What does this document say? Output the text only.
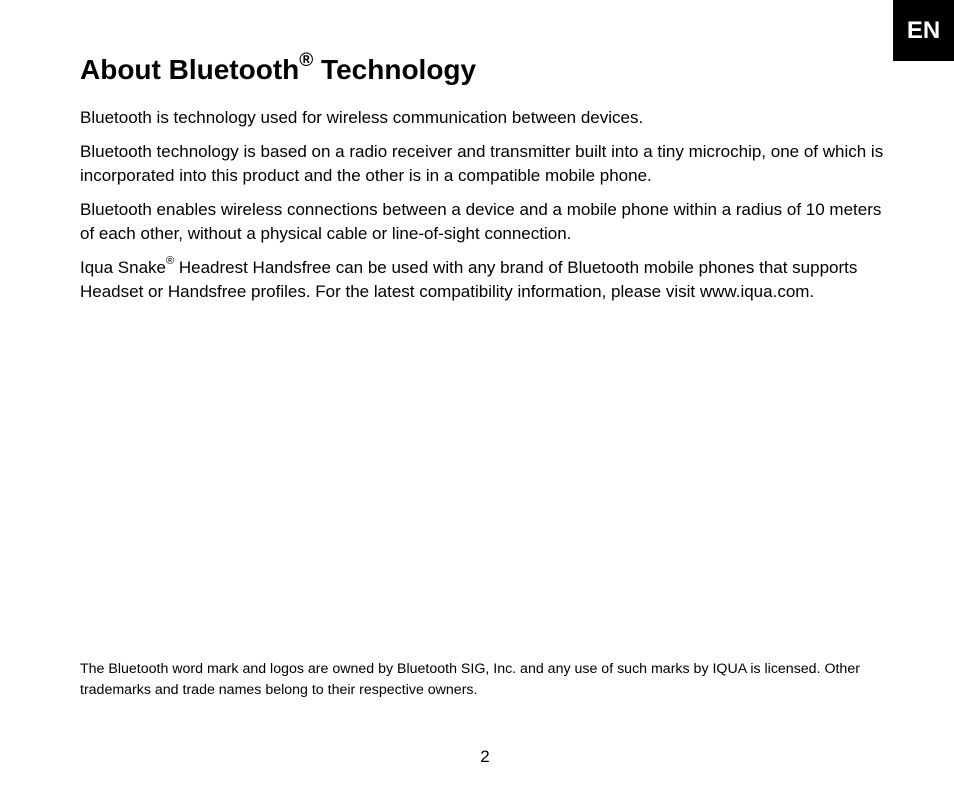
EN
About Bluetooth® Technology

Bluetooth is technology used for wireless communication between devices.

Bluetooth technology is based on a radio receiver and transmitter built into a tiny microchip, one of which is incorporated into this product and the other is in a compatible mobile phone.

Bluetooth enables wireless connections between a device and a mobile phone within a radius of 10 meters of each other, without a physical cable or line-of-sight connection.

Iqua Snake® Headrest Handsfree can be used with any brand of Bluetooth mobile phones that supports Headset or Handsfree profiles. For the latest compatibility information, please visit www.iqua.com.

The Bluetooth word mark and logos are owned by Bluetooth SIG, Inc. and any use of such marks by IQUA is licensed. Other trademarks and trade names belong to their respective owners.

2
